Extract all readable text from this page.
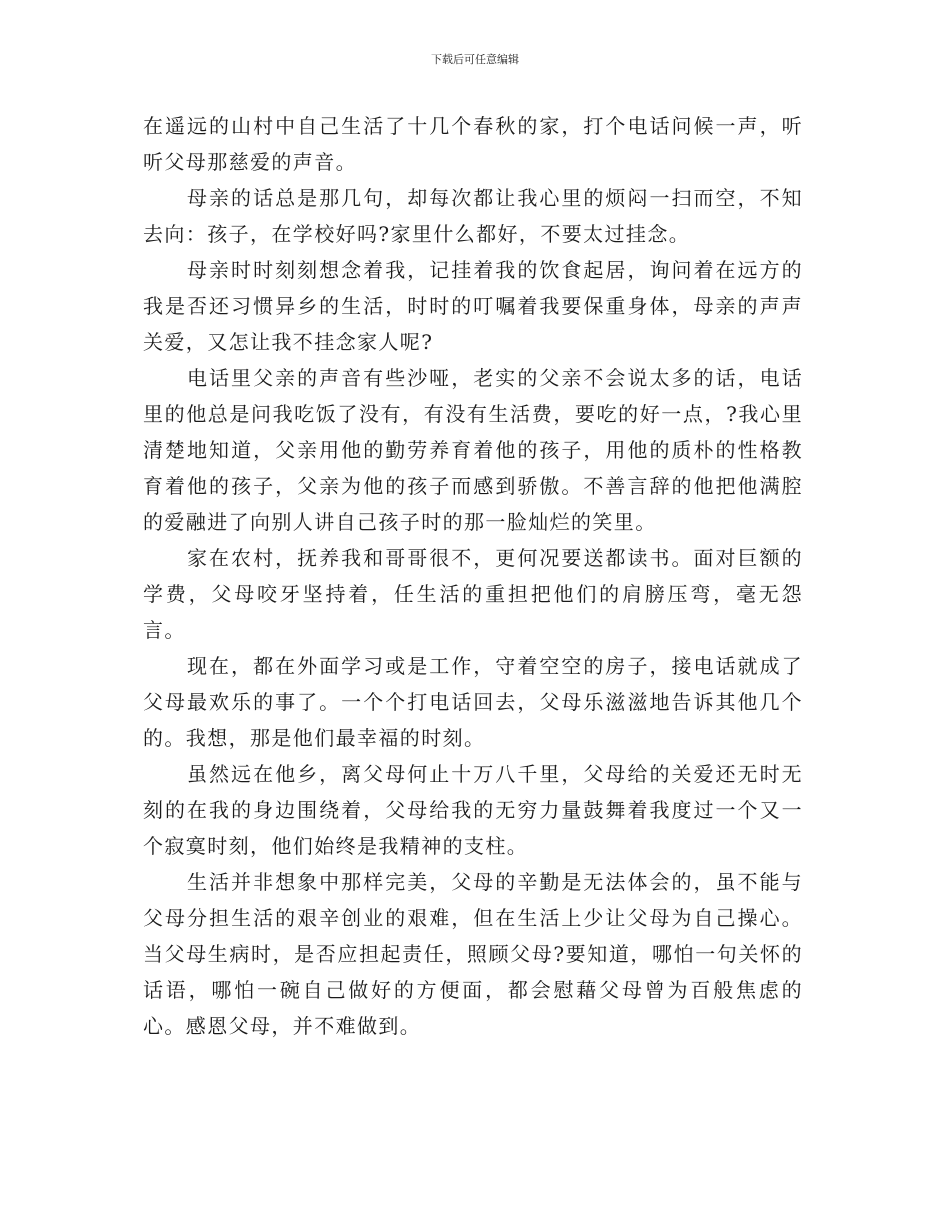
下载后可任意编辑

在遥远的山村中自己生活了十几个春秋的家，打个电话问候一声，听听父母那慈爱的声音。

母亲的话总是那几句，却每次都让我心里的烦闷一扫而空，不知去向：孩子，在学校好吗?家里什么都好，不要太过挂念。

母亲时时刻刻想念着我，记挂着我的饮食起居，询问着在远方的我是否还习惯异乡的生活，时时的叮嘱着我要保重身体，母亲的声声关爱，又怎让我不挂念家人呢?

电话里父亲的声音有些沙哑，老实的父亲不会说太多的话，电话里的他总是问我吃饭了没有，有没有生活费，要吃的好一点，?我心里清楚地知道，父亲用他的勤劳养育着他的孩子，用他的质朴的性格教育着他的孩子，父亲为他的孩子而感到骄傲。不善言辞的他把他满腔的爱融进了向别人讲自己孩子时的那一脸灿烂的笑里。

家在农村，抚养我和哥哥很不，更何况要送都读书。面对巨额的学费，父母咬牙坚持着，任生活的重担把他们的肩膀压弯，毫无怨言。

现在，都在外面学习或是工作，守着空空的房子，接电话就成了父母最欢乐的事了。一个个打电话回去，父母乐滋滋地告诉其他几个的。我想，那是他们最幸福的时刻。

虽然远在他乡，离父母何止十万八千里，父母给的关爱还无时无刻的在我的身边围绕着，父母给我的无穷力量鼓舞着我度过一个又一个寂寞时刻，他们始终是我精神的支柱。

生活并非想象中那样完美，父母的辛勤是无法体会的，虽不能与父母分担生活的艰辛创业的艰难，但在生活上少让父母为自己操心。当父母生病时，是否应担起责任，照顾父母?要知道，哪怕一句关怀的话语，哪怕一碗自己做好的方便面，都会慰藉父母曾为百般焦虑的心。感恩父母，并不难做到。
